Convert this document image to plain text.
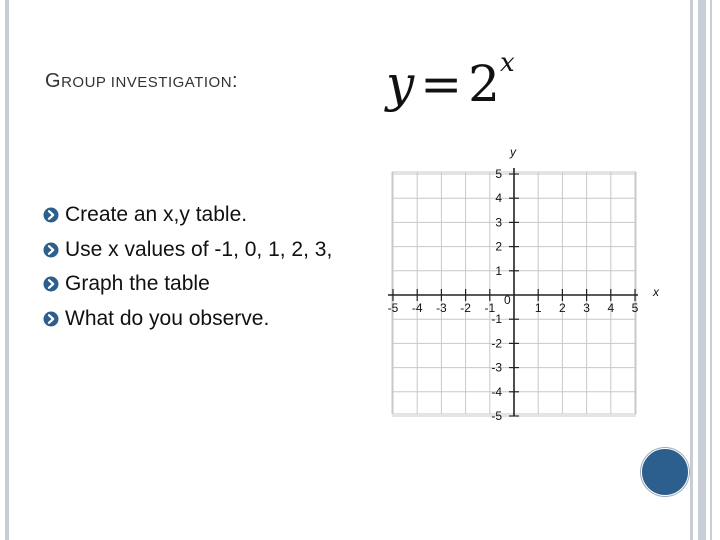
GROUP INVESTIGATION:	y = 2x
Create an x,y table.
Use x values of -1, 0, 1, 2, 3,
Graph the table
What do you observe.	-5 -4 -3 -2 -1	1 2 3 4 5
5
4
3
2
1
-1
-2
-3
-4
-5
x
y
0
